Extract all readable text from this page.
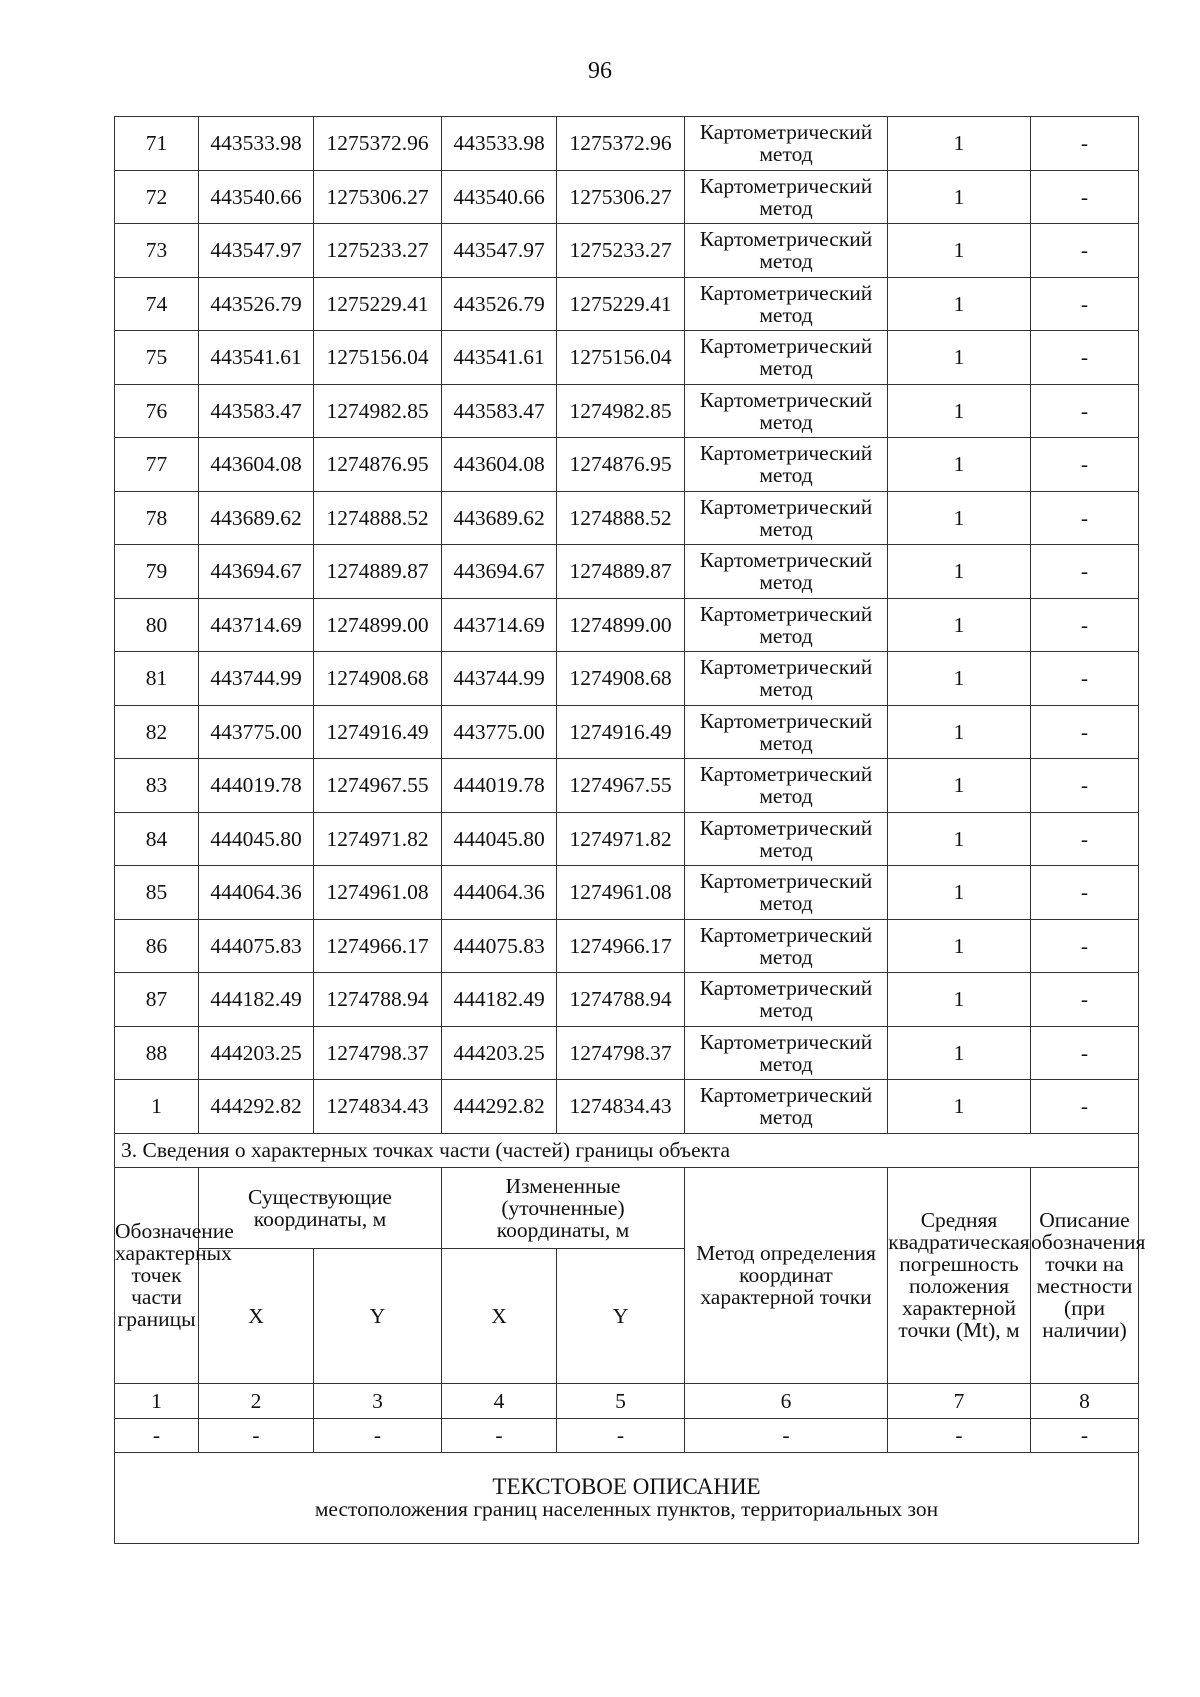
96
71	443533.98	1275372.96	443533.98	1275372.96	Картометрический метод	1	-
72	443540.66	1275306.27	443540.66	1275306.27	Картометрический метод	1	-
73	443547.97	1275233.27	443547.97	1275233.27	Картометрический метод	1	-
74	443526.79	1275229.41	443526.79	1275229.41	Картометрический метод	1	-
75	443541.61	1275156.04	443541.61	1275156.04	Картометрический метод	1	-
76	443583.47	1274982.85	443583.47	1274982.85	Картометрический метод	1	-
77	443604.08	1274876.95	443604.08	1274876.95	Картометрический метод	1	-
78	443689.62	1274888.52	443689.62	1274888.52	Картометрический метод	1	-
79	443694.67	1274889.87	443694.67	1274889.87	Картометрический метод	1	-
80	443714.69	1274899.00	443714.69	1274899.00	Картометрический метод	1	-
81	443744.99	1274908.68	443744.99	1274908.68	Картометрический метод	1	-
82	443775.00	1274916.49	443775.00	1274916.49	Картометрический метод	1	-
83	444019.78	1274967.55	444019.78	1274967.55	Картометрический метод	1	-
84	444045.80	1274971.82	444045.80	1274971.82	Картометрический метод	1	-
85	444064.36	1274961.08	444064.36	1274961.08	Картометрический метод	1	-
86	444075.83	1274966.17	444075.83	1274966.17	Картометрический метод	1	-
87	444182.49	1274788.94	444182.49	1274788.94	Картометрический метод	1	-
88	444203.25	1274798.37	444203.25	1274798.37	Картометрический метод	1	-
1	444292.82	1274834.43	444292.82	1274834.43	Картометрический метод	1	-
3. Сведения о характерных точках части (частей) границы объекта							
Обозначение характерных точек части границы	Существующие координаты, м		Измененные (уточненные) координаты, м		Метод определения координат характерной точки	Средняя квадратическая погрешность положения характерной точки (Mt), м	Описание обозначения точки на местности (при наличии)
	X	Y	X	Y			
1	2	3	4	5	6	7	8
-	-	-	-	-	-	-	-

ТЕКСТОВОЕ ОПИСАНИЕ
местоположения границ населенных пунктов, территориальных зон							
